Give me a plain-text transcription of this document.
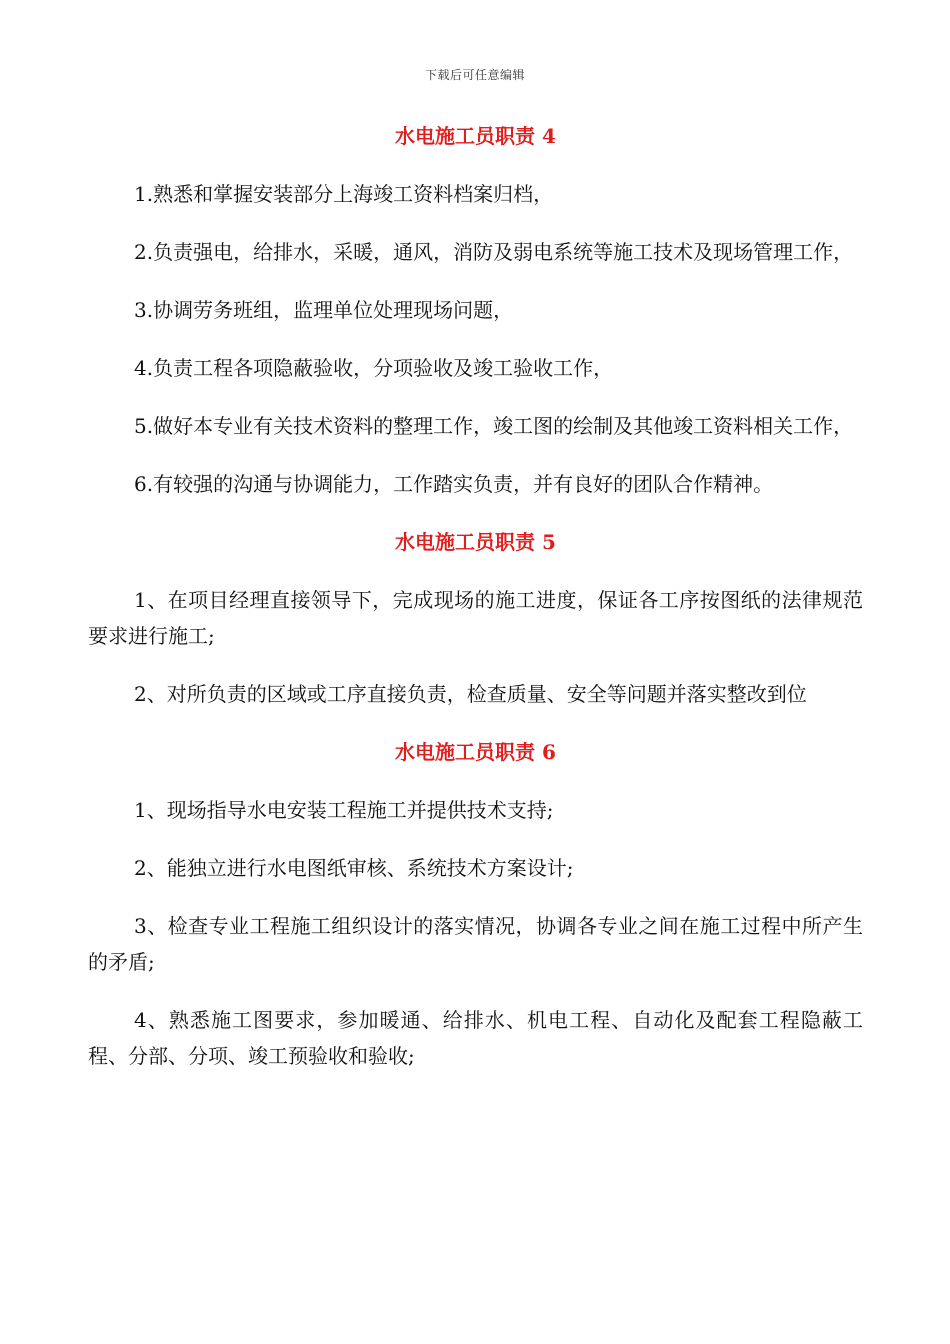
下载后可任意编辑
水电施工员职责 4

1.熟悉和掌握安装部分上海竣工资料档案归档，

2.负责强电，给排水，采暖，通风，消防及弱电系统等施工技术及现场管理工作，

3.协调劳务班组，监理单位处理现场问题，

4.负责工程各项隐蔽验收，分项验收及竣工验收工作，

5.做好本专业有关技术资料的整理工作，竣工图的绘制及其他竣工资料相关工作，

6.有较强的沟通与协调能力，工作踏实负责，并有良好的团队合作精神。

水电施工员职责 5

1、在项目经理直接领导下，完成现场的施工进度，保证各工序按图纸的法律规范要求进行施工;

2、对所负责的区域或工序直接负责，检查质量、安全等问题并落实整改到位

水电施工员职责 6

1、现场指导水电安装工程施工并提供技术支持;

2、能独立进行水电图纸审核、系统技术方案设计;

3、检查专业工程施工组织设计的落实情况，协调各专业之间在施工过程中所产生的矛盾;

4、熟悉施工图要求，参加暖通、给排水、机电工程、自动化及配套工程隐蔽工程、分部、分项、竣工预验收和验收;
